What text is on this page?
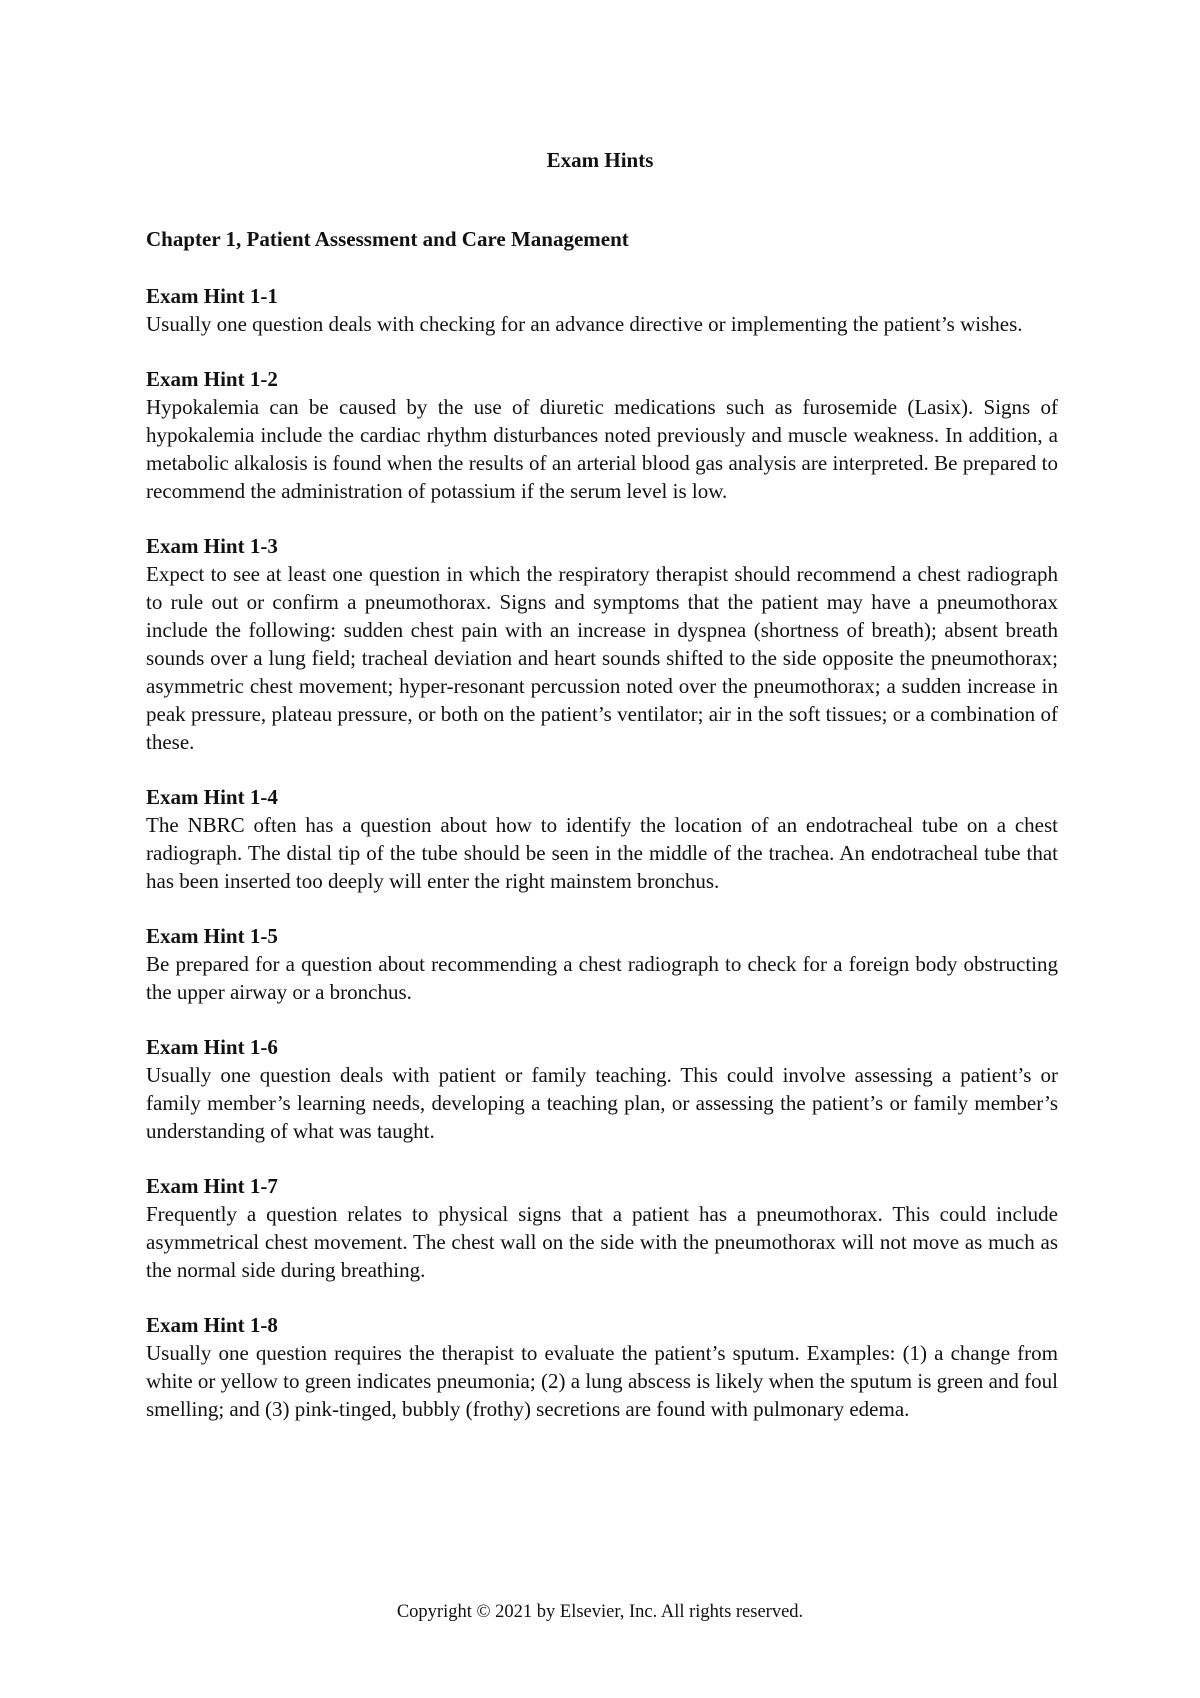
Exam Hints
Chapter 1, Patient Assessment and Care Management
Exam Hint 1-1
Usually one question deals with checking for an advance directive or implementing the patient’s wishes.
Exam Hint 1-2
Hypokalemia can be caused by the use of diuretic medications such as furosemide (Lasix). Signs of hypokalemia include the cardiac rhythm disturbances noted previously and muscle weakness. In addition, a metabolic alkalosis is found when the results of an arterial blood gas analysis are interpreted. Be prepared to recommend the administration of potassium if the serum level is low.
Exam Hint 1-3
Expect to see at least one question in which the respiratory therapist should recommend a chest radiograph to rule out or confirm a pneumothorax. Signs and symptoms that the patient may have a pneumothorax include the following: sudden chest pain with an increase in dyspnea (shortness of breath); absent breath sounds over a lung field; tracheal deviation and heart sounds shifted to the side opposite the pneumothorax; asymmetric chest movement; hyper-resonant percussion noted over the pneumothorax; a sudden increase in peak pressure, plateau pressure, or both on the patient’s ventilator; air in the soft tissues; or a combination of these.
Exam Hint 1-4
The NBRC often has a question about how to identify the location of an endotracheal tube on a chest radiograph. The distal tip of the tube should be seen in the middle of the trachea. An endotracheal tube that has been inserted too deeply will enter the right mainstem bronchus.
Exam Hint 1-5
Be prepared for a question about recommending a chest radiograph to check for a foreign body obstructing the upper airway or a bronchus.
Exam Hint 1-6
Usually one question deals with patient or family teaching. This could involve assessing a patient’s or family member’s learning needs, developing a teaching plan, or assessing the patient’s or family member’s understanding of what was taught.
Exam Hint 1-7
Frequently a question relates to physical signs that a patient has a pneumothorax. This could include asymmetrical chest movement. The chest wall on the side with the pneumothorax will not move as much as the normal side during breathing.
Exam Hint 1-8
Usually one question requires the therapist to evaluate the patient’s sputum. Examples: (1) a change from white or yellow to green indicates pneumonia; (2) a lung abscess is likely when the sputum is green and foul smelling; and (3) pink-tinged, bubbly (frothy) secretions are found with pulmonary edema.
Copyright © 2021 by Elsevier, Inc. All rights reserved.
